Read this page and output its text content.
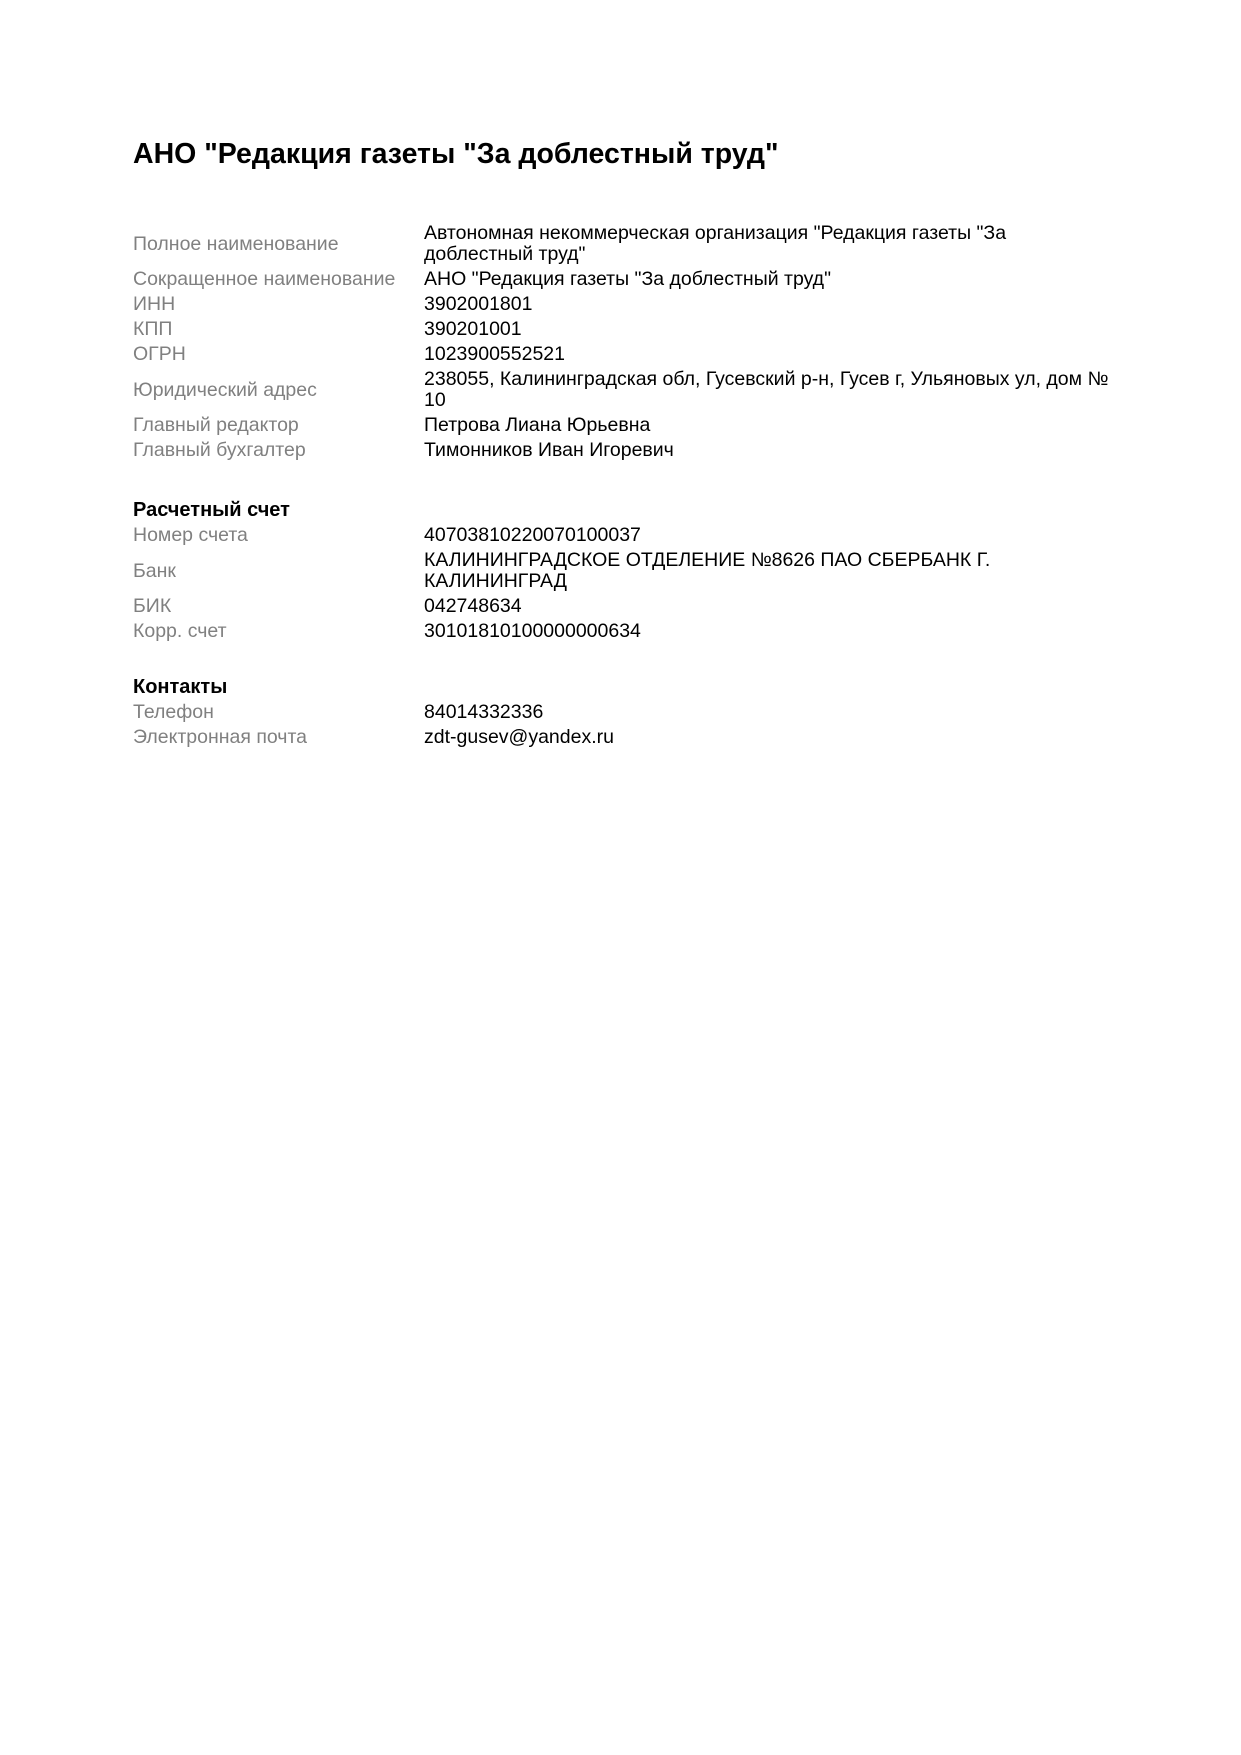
АНО "Редакция газеты "За доблестный труд"
Полное наименование	Автономная некоммерческая организация "Редакция газеты "За доблестный труд"
Сокращенное наименование	АНО "Редакция газеты "За доблестный труд"
ИНН	3902001801
КПП	390201001
ОГРН	1023900552521
Юридический адрес	238055, Калининградская обл, Гусевский р-н, Гусев г, Ульяновых ул, дом № 10
Главный редактор	Петрова Лиана Юрьевна
Главный бухгалтер	Тимонников Иван Игоревич
Расчетный счет
Номер счета	40703810220070100037
Банк	КАЛИНИНГРАДСКОЕ ОТДЕЛЕНИЕ №8626 ПАО СБЕРБАНК Г. КАЛИНИНГРАД
БИК	042748634
Корр. счет	30101810100000000634
Контакты
Телефон	84014332336
Электронная почта	zdt-gusev@yandex.ru
